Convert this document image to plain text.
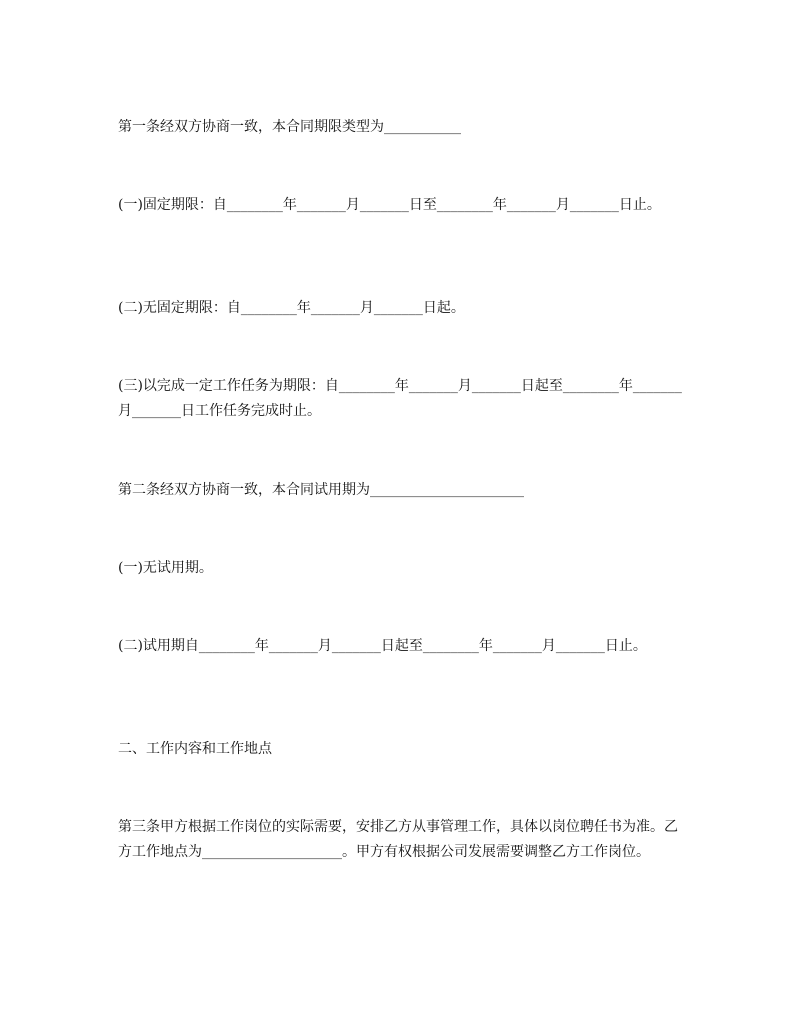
第一条经双方协商一致，本合同期限类型为___________

(一)固定期限：自________年_______月_______日至________年_______月_______日止。

(二)无固定期限：自________年_______月_______日起。

(三)以完成一定工作任务为期限：自________年_______月_______日起至________年_______月_______日工作任务完成时止。

第二条经双方协商一致，本合同试用期为______________________

(一)无试用期。

(二)试用期自________年_______月_______日起至________年_______月_______日止。

二、工作内容和工作地点

第三条甲方根据工作岗位的实际需要，安排乙方从事管理工作，具体以岗位聘任书为准。乙方工作地点为____________________。甲方有权根据公司发展需要调整乙方工作岗位。
